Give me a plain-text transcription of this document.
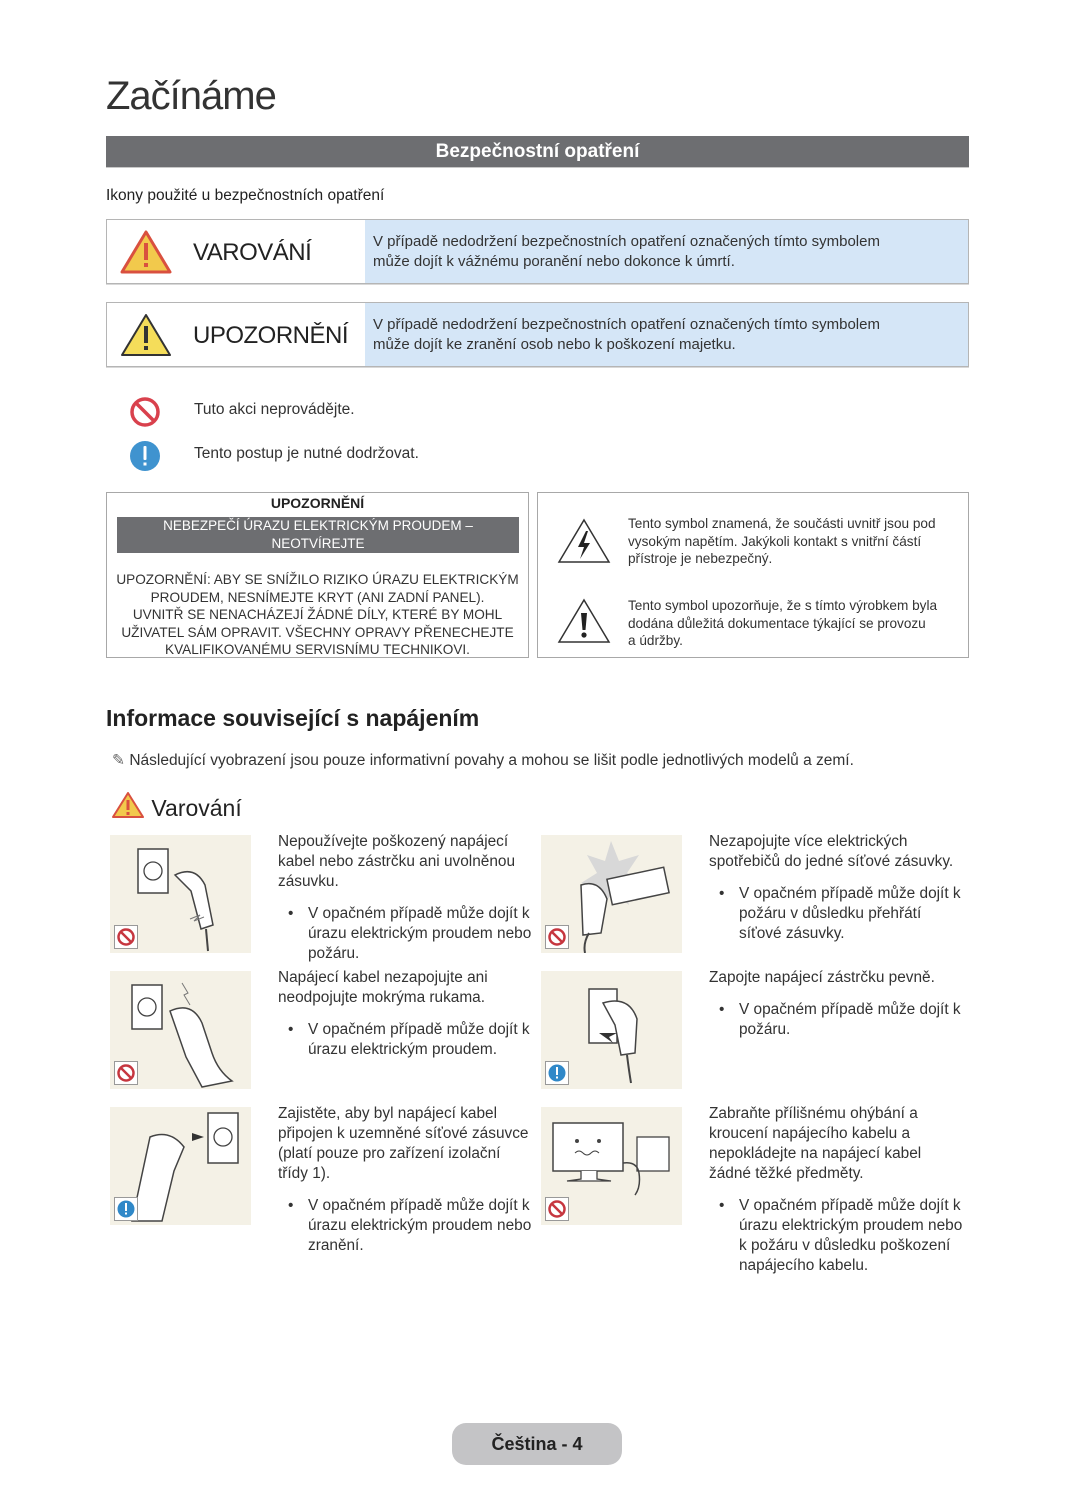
Začínáme
Bezpečnostní opatření
Ikony použité u bezpečnostních opatření
VAROVÁNÍ	V případě nedodržení bezpečnostních opatření označených tímto symbolem
může dojít k vážnému poranění nebo dokonce k úmrtí.
UPOZORNĚNÍ V případě nedodržení bezpečnostních opatření označených tímto symbolem
může dojít ke zranění osob nebo k poškození majetku.
Tuto akci neprovádějte.
Tento postup je nutné dodržovat.
UPOZORNĚNÍ
NEBEZPEČÍ ÚRAZU ELEKTRICKÝM PROUDEM –
NEOTVÍREJTE
UPOZORNĚNÍ: ABY SE SNÍŽILO RIZIKO ÚRAZU ELEKTRICKÝM
PROUDEM, NESNÍMEJTE KRYT (ANI ZADNÍ PANEL).
UVNITŘ SE NENACHÁZEJÍ ŽÁDNÉ DÍLY, KTERÉ BY MOHL
UŽIVATEL SÁM OPRAVIT. VŠECHNY OPRAVY PŘENECHEJTE
KVALIFIKOVANÉMU SERVISNÍMU TECHNIKOVI.
Tento symbol znamená, že součásti uvnitř jsou pod
vysokým napětím. Jakýkoli kontakt s vnitřní částí
přístroje je nebezpečný.
Tento symbol upozorňuje, že s tímto výrobkem byla
dodána důležitá dokumentace týkající se provozu
a údržby.
Informace související s napájením
✎ Následující vyobrazení jsou pouze informativní povahy a mohou se lišit podle jednotlivých modelů a zemí.
Varování

Nepoužívejte poškozený napájecí kabel nebo zástrčku ani uvolněnou zásuvku.

• V opačném případě může dojít k úrazu elektrickým proudem nebo požáru.

Nezapojujte více elektrických spotřebičů do jedné síťové zásuvky.

• V opačném případě může dojít k požáru v důsledku přehřátí síťové zásuvky.

Napájecí kabel nezapojujte ani neodpojujte mokrýma rukama.

• V opačném případě může dojít k úrazu elektrickým proudem.

Zapojte napájecí zástrčku pevně.

• V opačném případě může dojít k požáru.

Zajistěte, aby byl napájecí kabel připojen k uzemněné síťové zásuvce (platí pouze pro zařízení izolační třídy 1).

• V opačném případě může dojít k úrazu elektrickým proudem nebo zranění.

Zabraňte přílišnému ohýbání a kroucení napájecího kabelu a nepokládejte na napájecí kabel žádné těžké předměty.

• V opačném případě může dojít k úrazu elektrickým proudem nebo k požáru v důsledku poškození napájecího kabelu.
Čeština - 4
